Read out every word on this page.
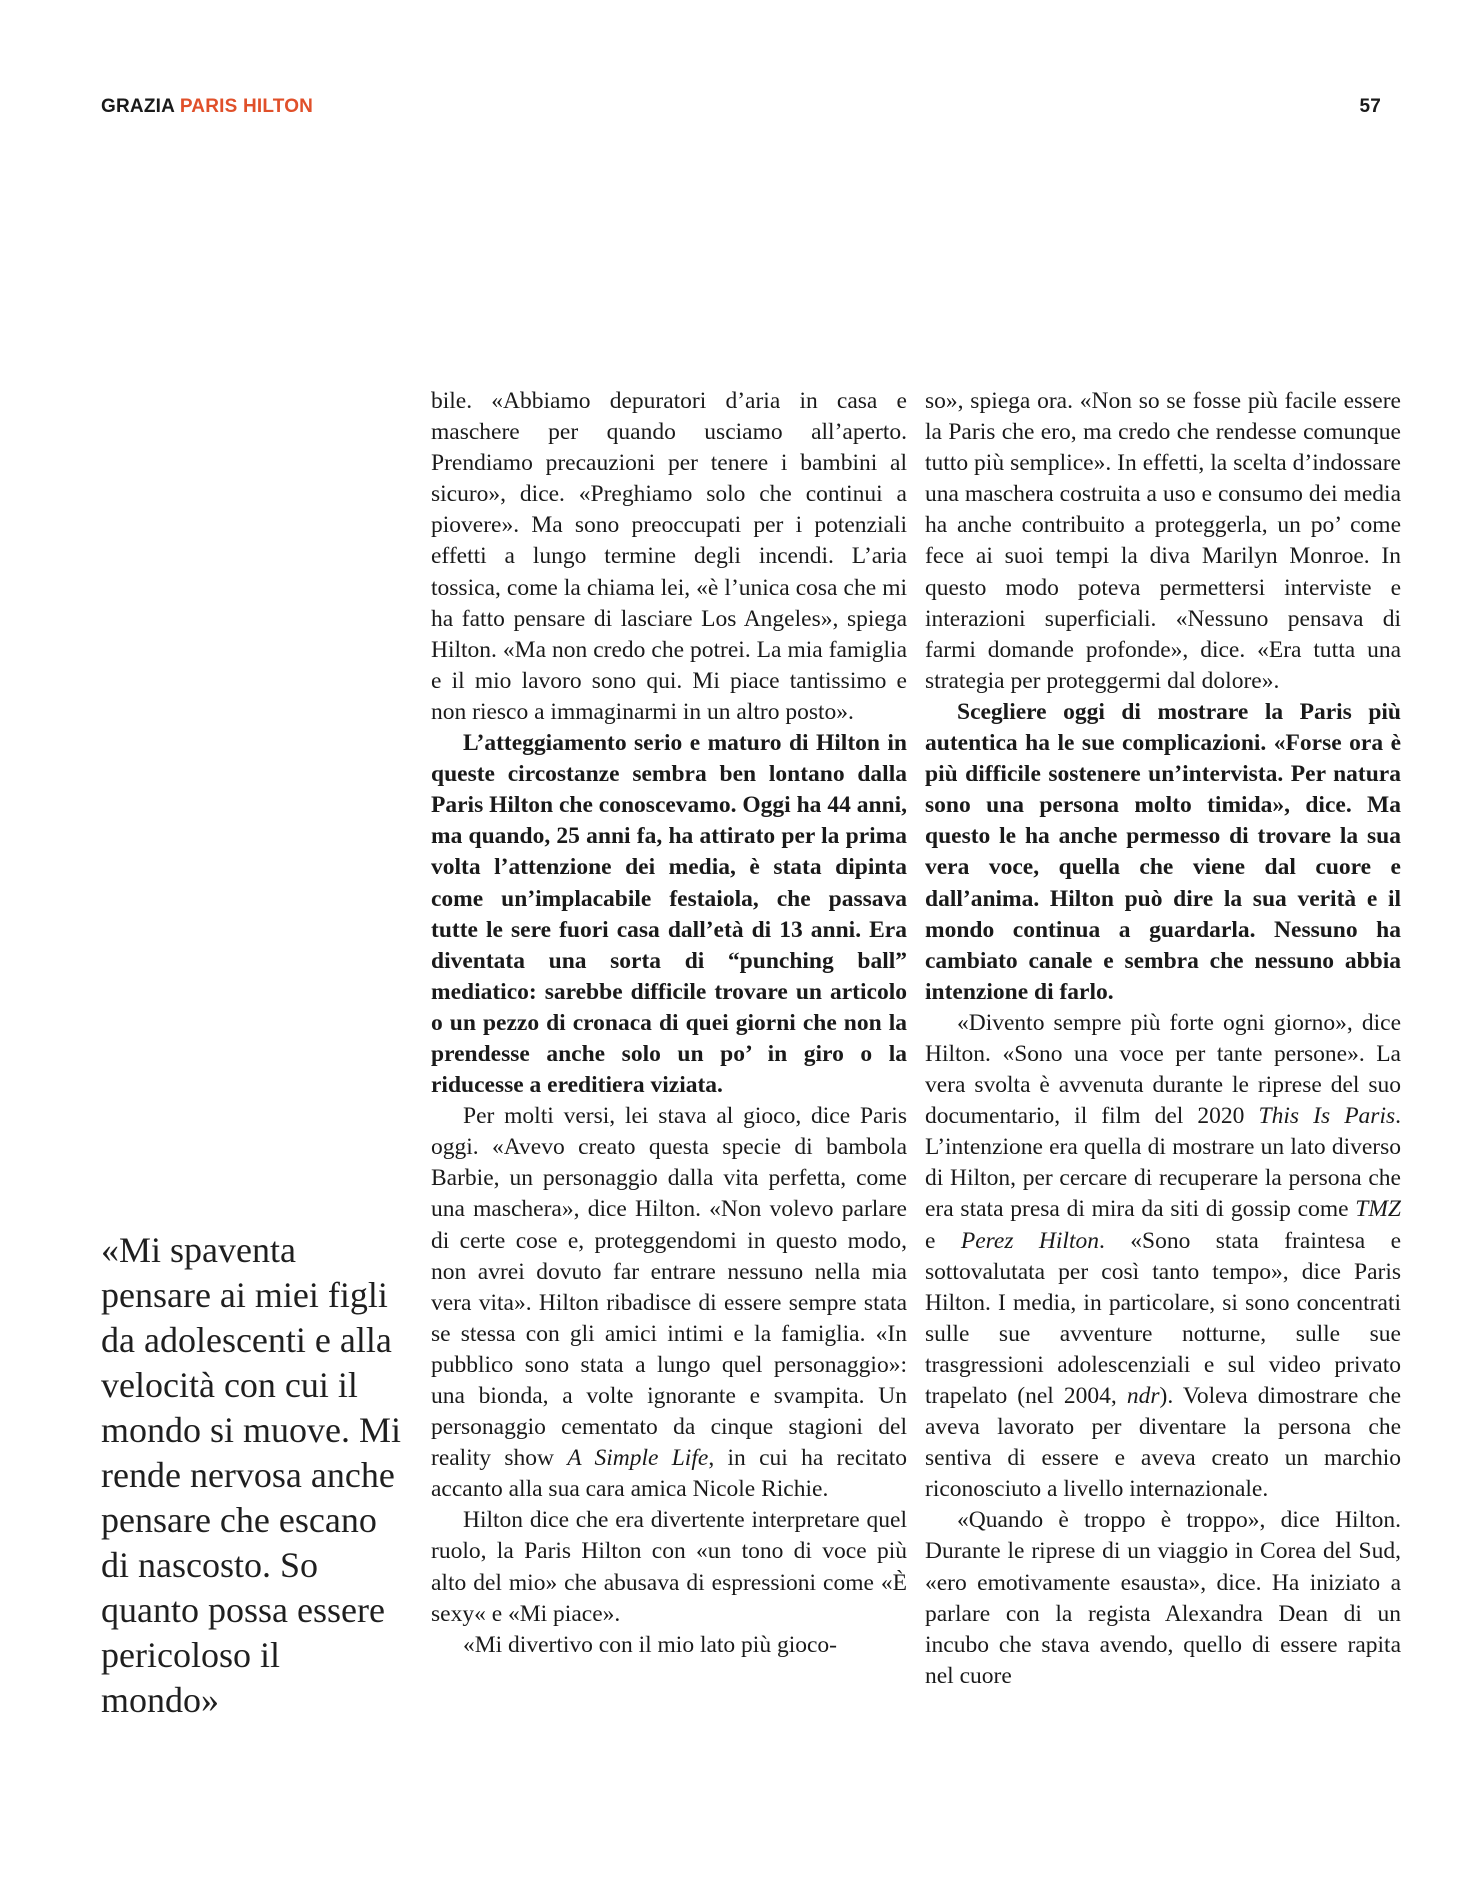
GRAZIA PARIS HILTON	57
«Mi spaventa pensare ai miei figli da adolescenti e alla velocità con cui il mondo si muove. Mi rende nervosa anche pensare che escano di nascosto. So quanto possa essere pericoloso il mondo»

bile. «Abbiamo depuratori d’aria in casa e maschere per quando usciamo all’aperto. Prendiamo precauzioni per tenere i bambini al sicuro», dice. «Preghiamo solo che continui a piovere». Ma sono preoccupati per i potenziali effetti a lungo termine degli incendi. L’aria tossica, come la chiama lei, «è l’unica cosa che mi ha fatto pensare di lasciare Los Angeles», spiega Hilton. «Ma non credo che potrei. La mia famiglia e il mio lavoro sono qui. Mi piace tantissimo e non riesco a immaginarmi in un altro posto».

L’atteggiamento serio e maturo di Hilton in queste circostanze sembra ben lontano dalla Paris Hilton che conoscevamo. Oggi ha 44 anni, ma quando, 25 anni fa, ha attirato per la prima volta l’attenzione dei media, è stata dipinta come un’implacabile festaiola, che passava tutte le sere fuori casa dall’età di 13 anni. Era diventata una sorta di “punching ball” mediatico: sarebbe difficile trovare un articolo o un pezzo di cronaca di quei giorni che non la prendesse anche solo un po’ in giro o la riducesse a ereditiera viziata.

Per molti versi, lei stava al gioco, dice Paris oggi. «Avevo creato questa specie di bambola Barbie, un personaggio dalla vita perfetta, come una maschera», dice Hilton. «Non volevo parlare di certe cose e, proteggendomi in questo modo, non avrei dovuto far entrare nessuno nella mia vera vita». Hilton ribadisce di essere sempre stata se stessa con gli amici intimi e la famiglia. «In pubblico sono stata a lungo quel personaggio»: una bionda, a volte ignorante e svampita. Un personaggio cementato da cinque stagioni del reality show A Simple Life, in cui ha recitato accanto alla sua cara amica Nicole Richie.

Hilton dice che era divertente interpretare quel ruolo, la Paris Hilton con «un tono di voce più alto del mio» che abusava di espressioni come «È sexy« e «Mi piace».

«Mi divertivo con il mio lato più gioco-

so», spiega ora. «Non so se fosse più facile essere la Paris che ero, ma credo che rendesse comunque tutto più semplice». In effetti, la scelta d’indossare una maschera costruita a uso e consumo dei media ha anche contribuito a proteggerla, un po’ come fece ai suoi tempi la diva Marilyn Monroe. In questo modo poteva permettersi interviste e interazioni superficiali. «Nessuno pensava di farmi domande profonde», dice. «Era tutta una strategia per proteggermi dal dolore».

Scegliere oggi di mostrare la Paris più autentica ha le sue complicazioni. «Forse ora è più difficile sostenere un’intervista. Per natura sono una persona molto timida», dice. Ma questo le ha anche permesso di trovare la sua vera voce, quella che viene dal cuore e dall’anima. Hilton può dire la sua verità e il mondo continua a guardarla. Nessuno ha cambiato canale e sembra che nessuno abbia intenzione di farlo.

«Divento sempre più forte ogni giorno», dice Hilton. «Sono una voce per tante persone». La vera svolta è avvenuta durante le riprese del suo documentario, il film del 2020 This Is Paris. L’intenzione era quella di mostrare un lato diverso di Hilton, per cercare di recuperare la persona che era stata presa di mira da siti di gossip come TMZ e Perez Hilton. «Sono stata fraintesa e sottovalutata per così tanto tempo», dice Paris Hilton. I media, in particolare, si sono concentrati sulle sue avventure notturne, sulle sue trasgressioni adolescenziali e sul video privato trapelato (nel 2004, ndr). Voleva dimostrare che aveva lavorato per diventare la persona che sentiva di essere e aveva creato un marchio riconosciuto a livello internazionale.

«Quando è troppo è troppo», dice Hilton. Durante le riprese di un viaggio in Corea del Sud, «ero emotivamente esausta», dice. Ha iniziato a parlare con la regista Alexandra Dean di un incubo che stava avendo, quello di essere rapita nel cuore
